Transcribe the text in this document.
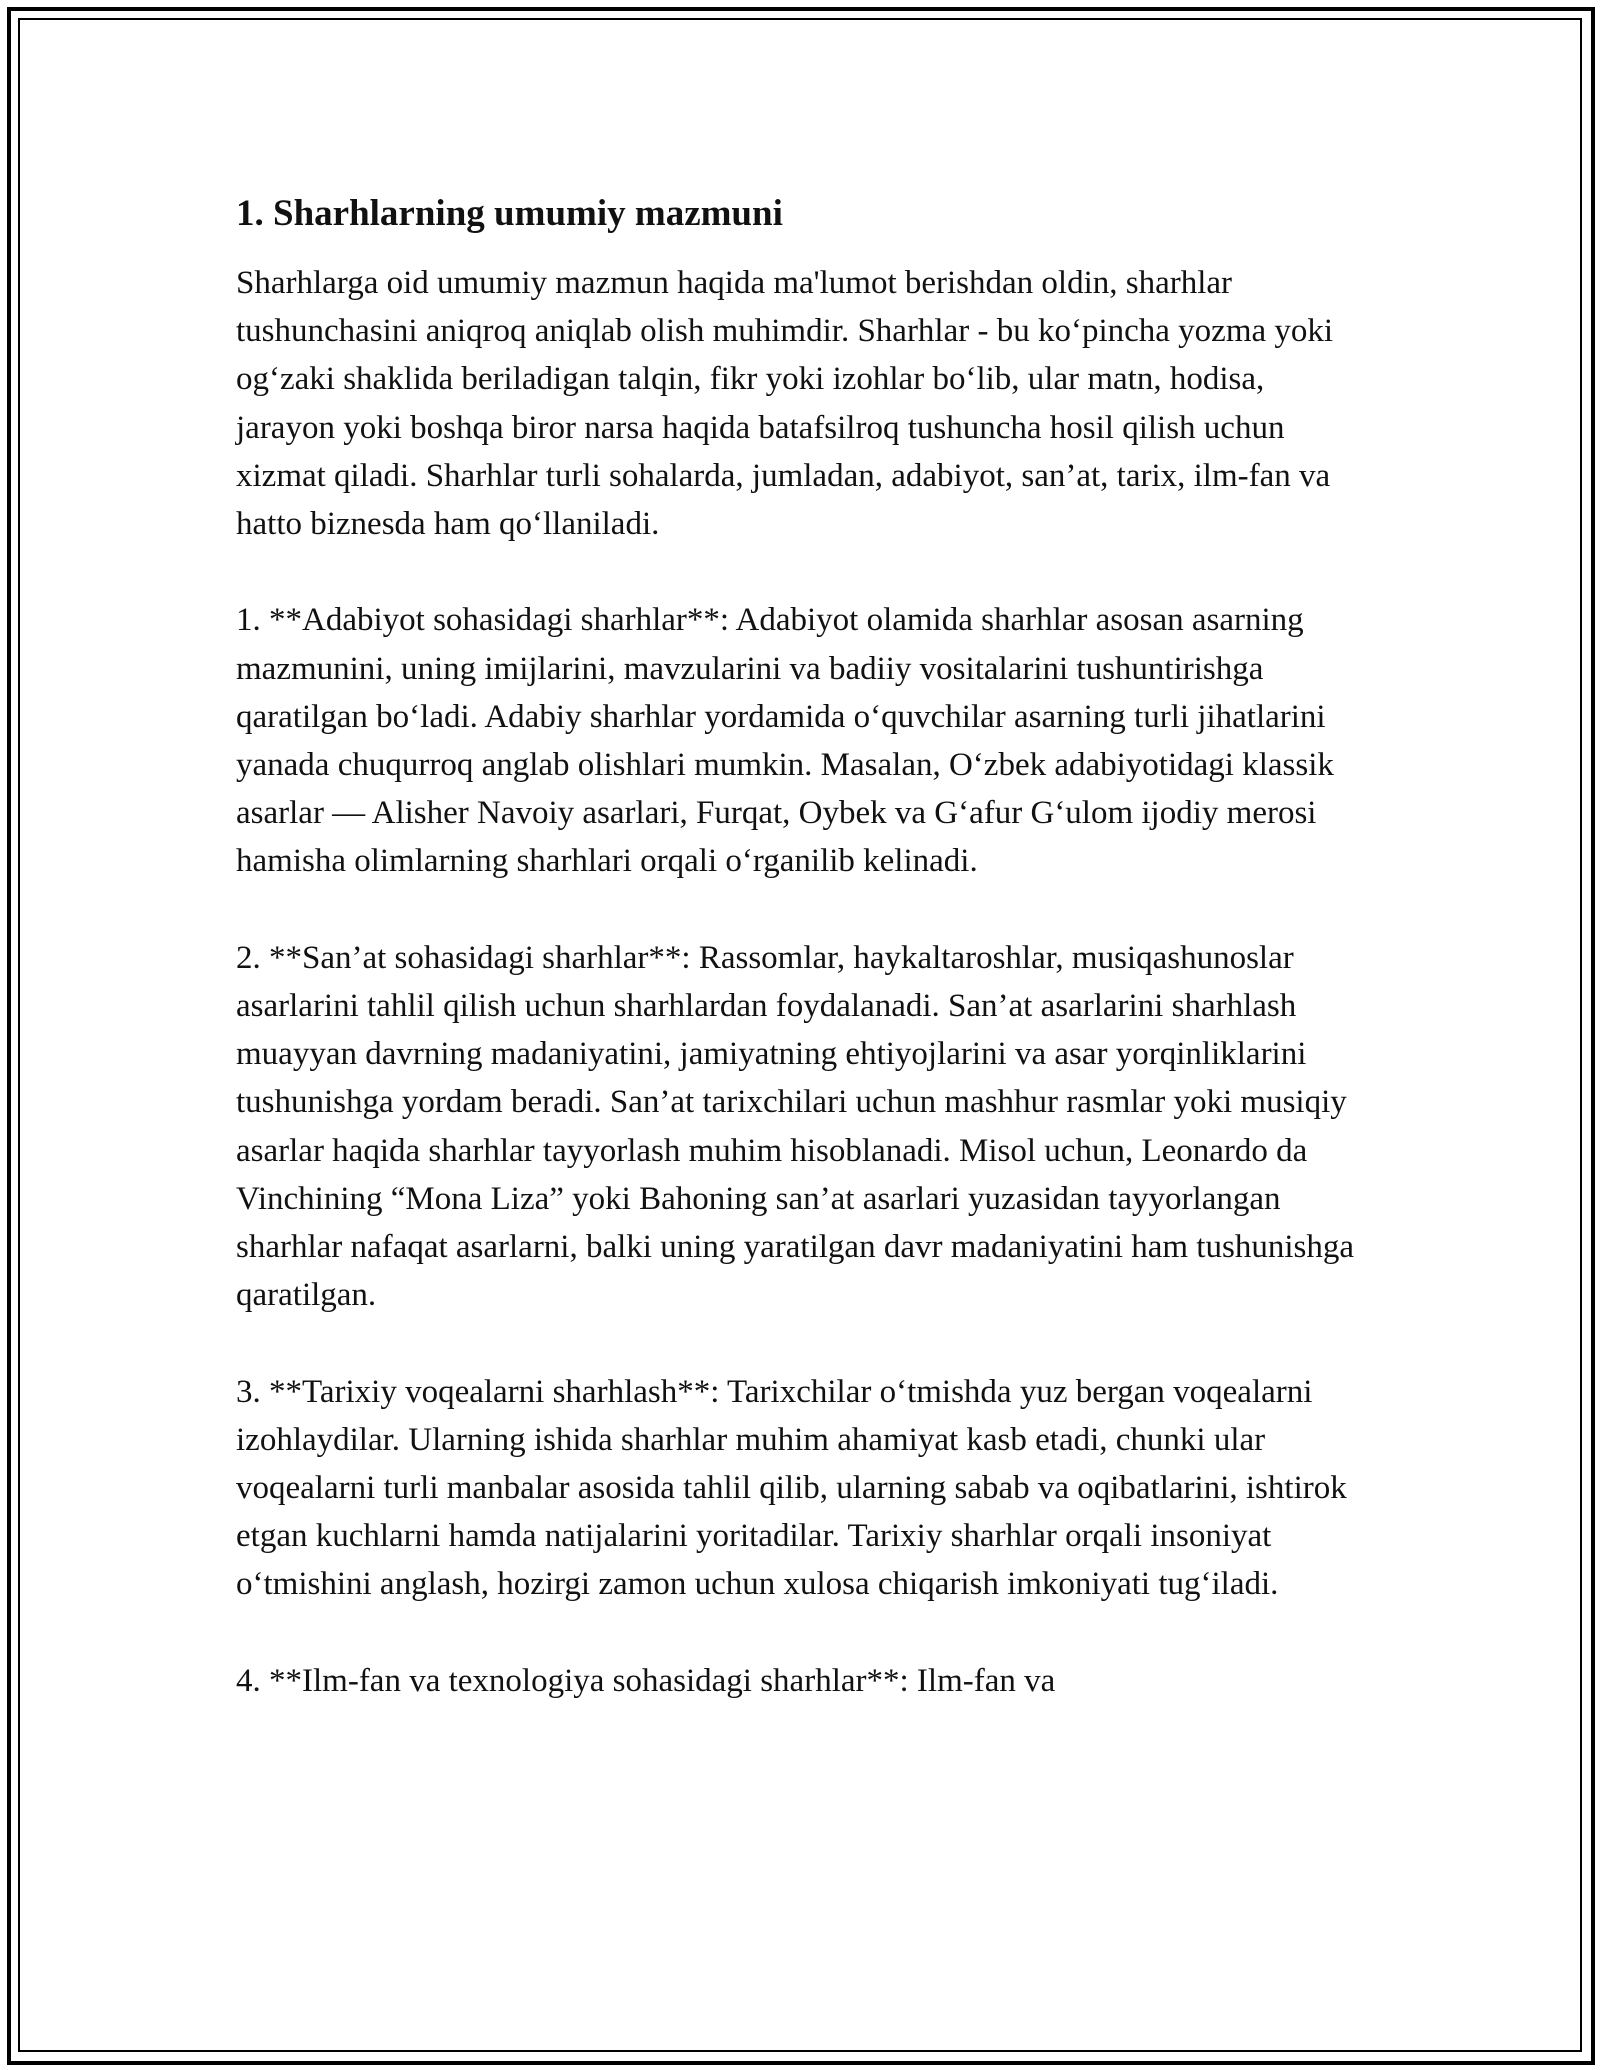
1. Sharhlarning umumiy mazmuni

Sharhlarga oid umumiy mazmun haqida ma'lumot berishdan oldin, sharhlar tushunchasini aniqroq aniqlab olish muhimdir. Sharhlar - bu ko‘pincha yozma yoki og‘zaki shaklida beriladigan talqin, fikr yoki izohlar bo‘lib, ular matn, hodisa, jarayon yoki boshqa biror narsa haqida batafsilroq tushuncha hosil qilish uchun xizmat qiladi. Sharhlar turli sohalarda, jumladan, adabiyot, san’at, tarix, ilm-fan va hatto biznesda ham qo‘llaniladi.

1. **Adabiyot sohasidagi sharhlar**: Adabiyot olamida sharhlar asosan asarning mazmunini, uning imijlarini, mavzularini va badiiy vositalarini tushuntirishga qaratilgan bo‘ladi. Adabiy sharhlar yordamida o‘quvchilar asarning turli jihatlarini yanada chuqurroq anglab olishlari mumkin. Masalan, O‘zbek adabiyotidagi klassik asarlar — Alisher Navoiy asarlari, Furqat, Oybek va G‘afur G‘ulom ijodiy merosi hamisha olimlarning sharhlari orqali o‘rganilib kelinadi.

2. **San’at sohasidagi sharhlar**: Rassomlar, haykaltaroshlar, musiqashunoslar asarlarini tahlil qilish uchun sharhlardan foydalanadi. San’at asarlarini sharhlash muayyan davrning madaniyatini, jamiyatning ehtiyojlarini va asar yorqinliklarini tushunishga yordam beradi. San’at tarixchilari uchun mashhur rasmlar yoki musiqiy asarlar haqida sharhlar tayyorlash muhim hisoblanadi. Misol uchun, Leonardo da Vinchining “Mona Liza” yoki Bahoning san’at asarlari yuzasidan tayyorlangan sharhlar nafaqat asarlarni, balki uning yaratilgan davr madaniyatini ham tushunishga qaratilgan.

3. **Tarixiy voqealarni sharhlash**: Tarixchilar o‘tmishda yuz bergan voqealarni izohlaydilar. Ularning ishida sharhlar muhim ahamiyat kasb etadi, chunki ular voqealarni turli manbalar asosida tahlil qilib, ularning sabab va oqibatlarini, ishtirok etgan kuchlarni hamda natijalarini yoritadilar. Tarixiy sharhlar orqali insoniyat o‘tmishini anglash, hozirgi zamon uchun xulosa chiqarish imkoniyati tug‘iladi.

4. **Ilm-fan va texnologiya sohasidagi sharhlar**: Ilm-fan va
